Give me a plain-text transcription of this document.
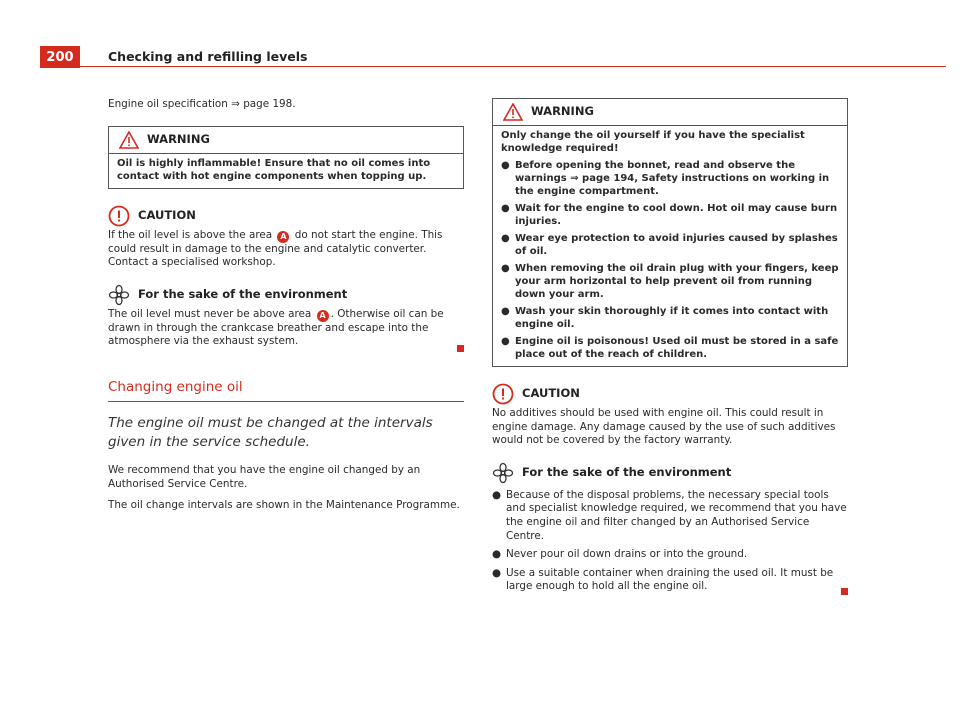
200	Checking and refilling levels

Engine oil specification ⇒ page 198.

WARNING
Oil is highly inflammable! Ensure that no oil comes into contact with hot engine components when topping up.
CAUTION

If the oil level is above the area A do not start the engine. This could result in damage to the engine and catalytic converter. Contact a specialised workshop.

For the sake of the environment

The oil level must never be above area A . Otherwise oil can be drawn in through the crankcase breather and escape into the atmosphere via the exhaust system.

Changing engine oil

The engine oil must be changed at the intervals given in the service schedule.

We recommend that you have the engine oil changed by an Authorised Service Centre.

The oil change intervals are shown in the Maintenance Programme.

WARNING

Only change the oil yourself if you have the specialist knowledge required!

● Before opening the bonnet, read and observe the warnings ⇒ page 194, Safety instructions on working in the engine compartment.
● Wait for the engine to cool down. Hot oil may cause burn injuries.
● Wear eye protection to avoid injuries caused by splashes of oil.
● When removing the oil drain plug with your fingers, keep your arm horizontal to help prevent oil from running down your arm.
● Wash your skin thoroughly if it comes into contact with engine oil.
● Engine oil is poisonous! Used oil must be stored in a safe place out of the reach of children.
CAUTION

No additives should be used with engine oil. This could result in engine damage. Any damage caused by the use of such additives would not be covered by the factory warranty.

For the sake of the environment
● Because of the disposal problems, the necessary special tools and specialist knowledge required, we recommend that you have the engine oil and filter changed by an Authorised Service Centre.
● Never pour oil down drains or into the ground.
● Use a suitable container when draining the used oil. It must be large enough to hold all the engine oil.
